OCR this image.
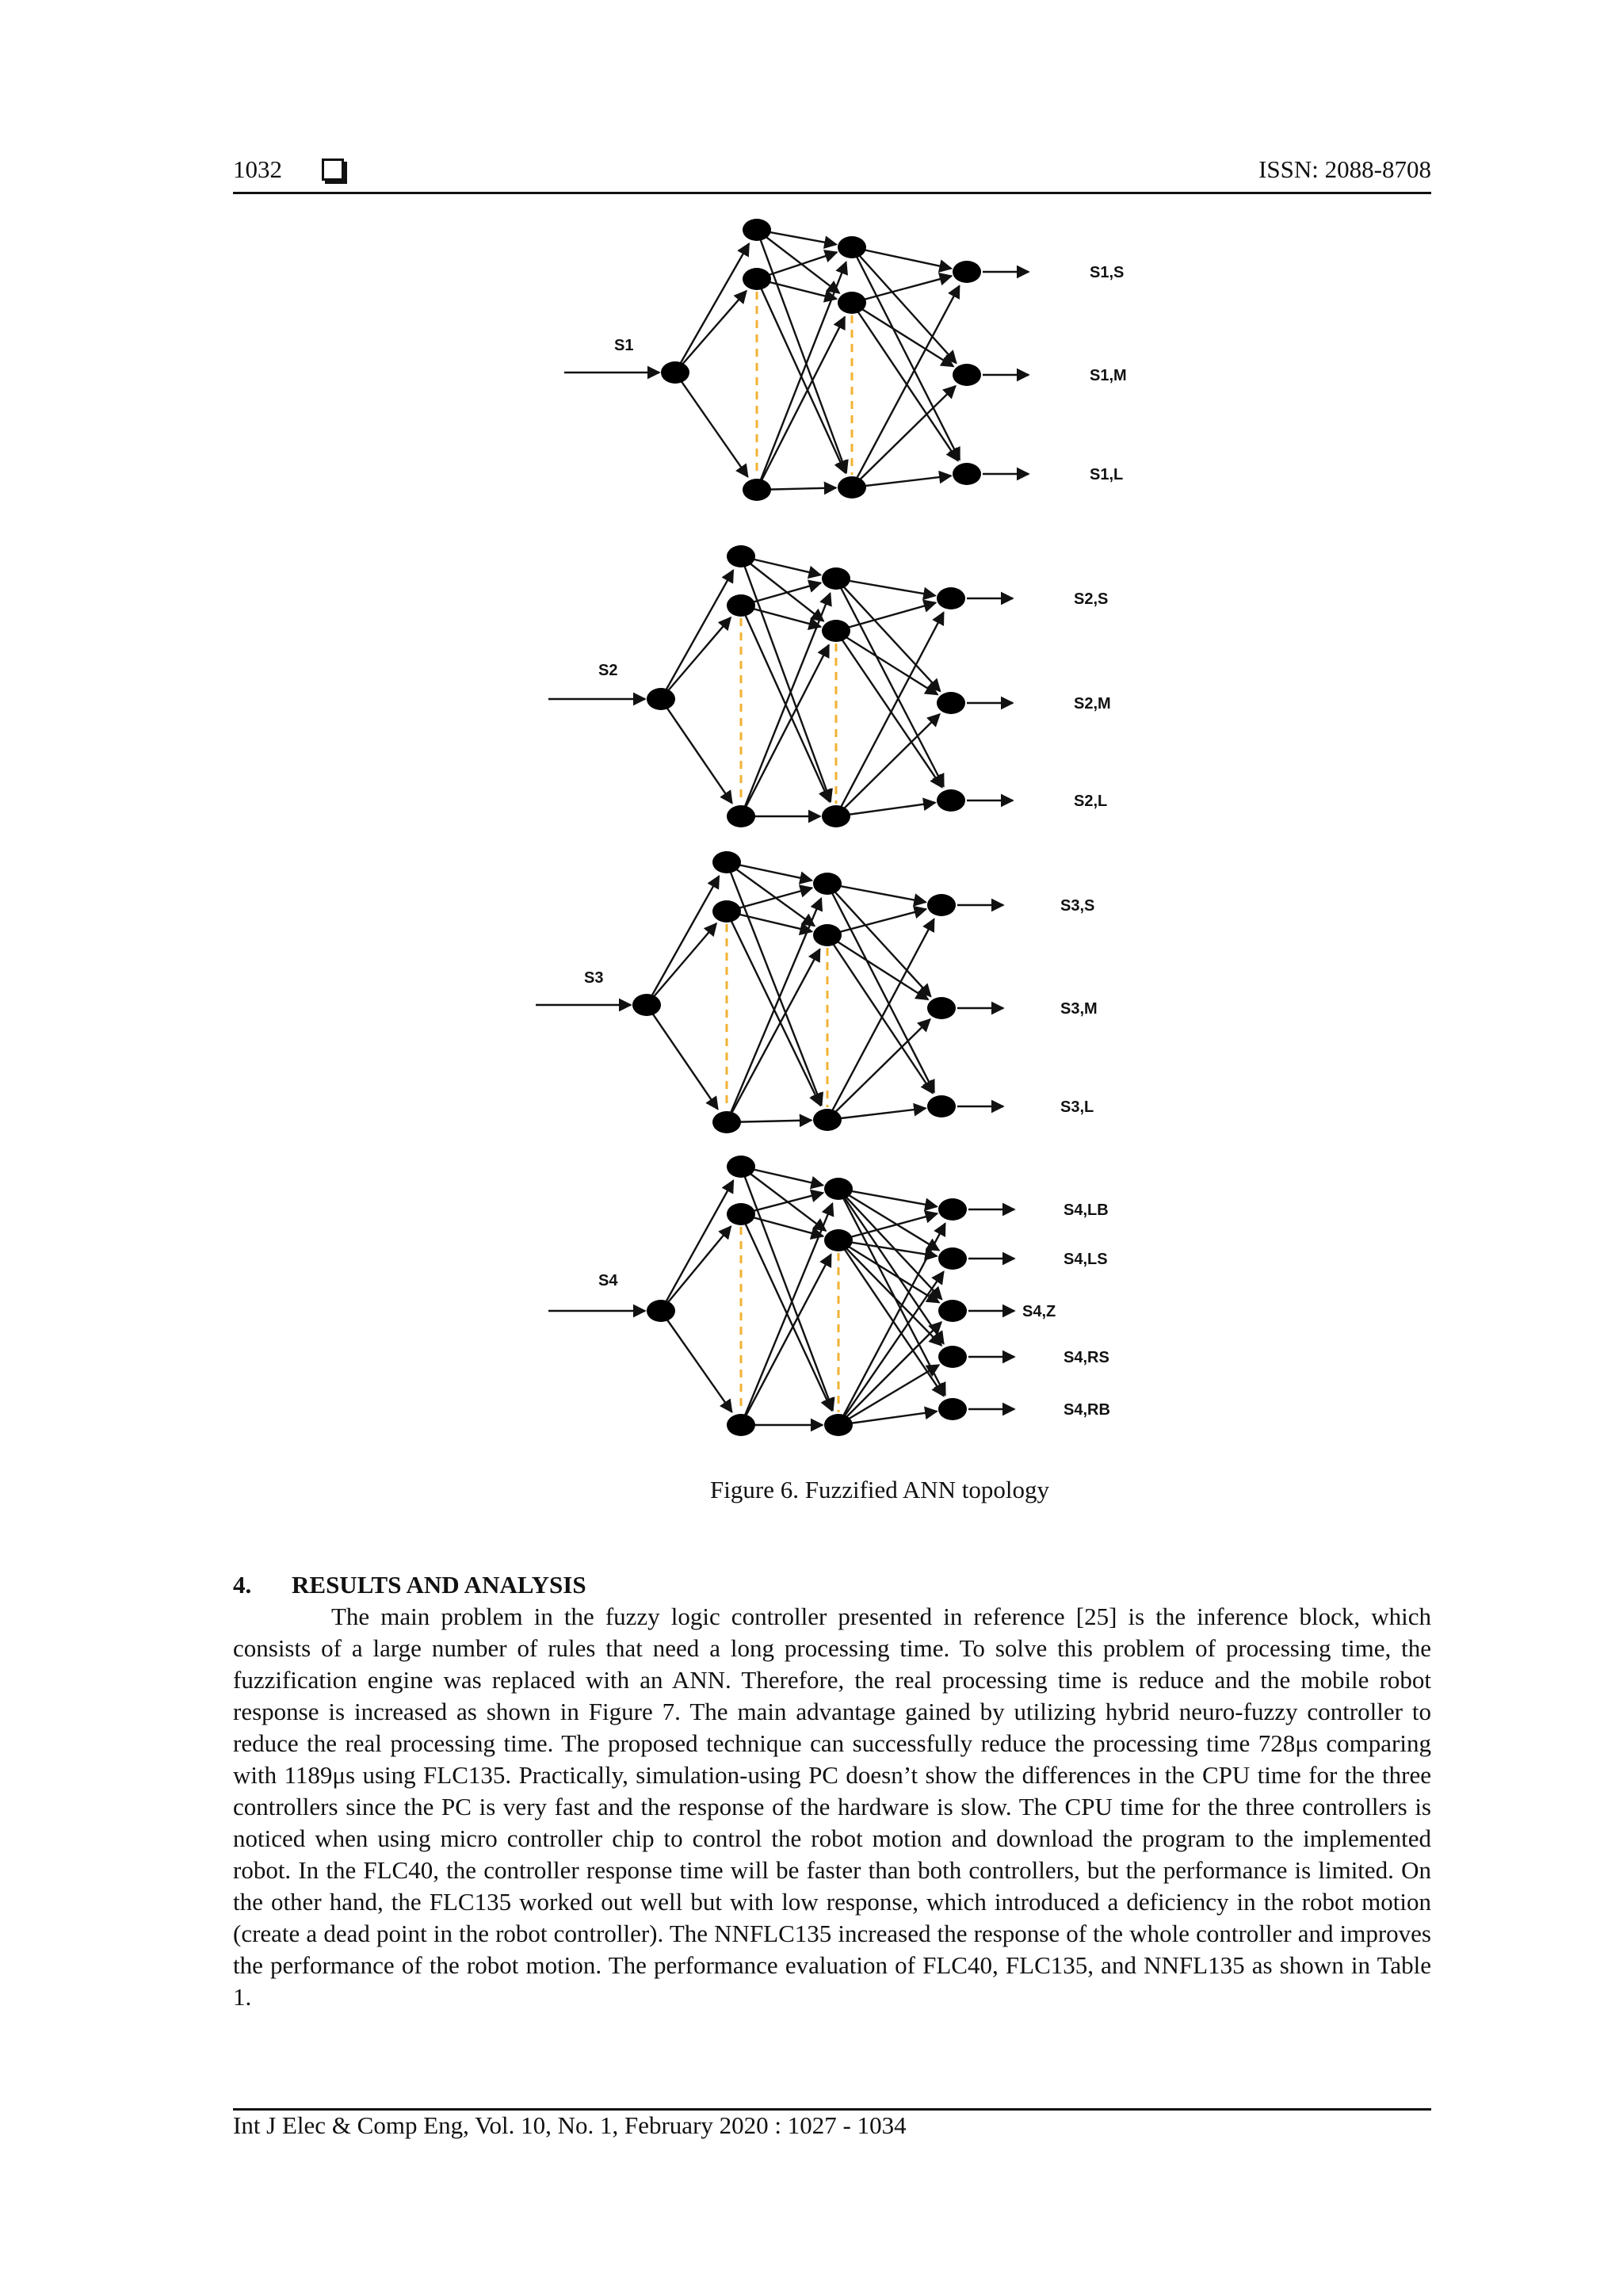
1032	ISSN: 2088-8708
S1
S1,S
S1,M
S1,L
S2
S2,S
S2,M
S2,L
S3
S3,S
S3,M
S3,L
S4
S4,LB
S4,LS
S4,Z
S4,RS
S4,RB
Figure 6. Fuzzified ANN topology
4. RESULTS AND ANALYSIS
The main problem in the fuzzy logic controller presented in reference [25] is the inference block, which consists of a large number of rules that need a long processing time. To solve this problem of processing time, the fuzzification engine was replaced with an ANN. Therefore, the real processing time is reduce and the mobile robot response is increased as shown in Figure 7. The main advantage gained by utilizing hybrid neuro-fuzzy controller to reduce the real processing time. The proposed technique can successfully reduce the processing time 728μs comparing with 1189μs using FLC135. Practically, simulation-using PC doesn’t show the differences in the CPU time for the three controllers since the PC is very fast and the response of the hardware is slow. The CPU time for the three controllers is noticed when using micro controller chip to control the robot motion and download the program to the implemented robot. In the FLC40, the controller response time will be faster than both controllers, but the performance is limited. On the other hand, the FLC135 worked out well but with low response, which introduced a deficiency in the robot motion (create a dead point in the robot controller). The NNFLC135 increased the response of the whole controller and improves the performance of the robot motion. The performance evaluation of FLC40, FLC135, and NNFL135 as shown in Table 1.
Int J Elec & Comp Eng, Vol. 10, No. 1, February 2020 : 1027 - 1034
